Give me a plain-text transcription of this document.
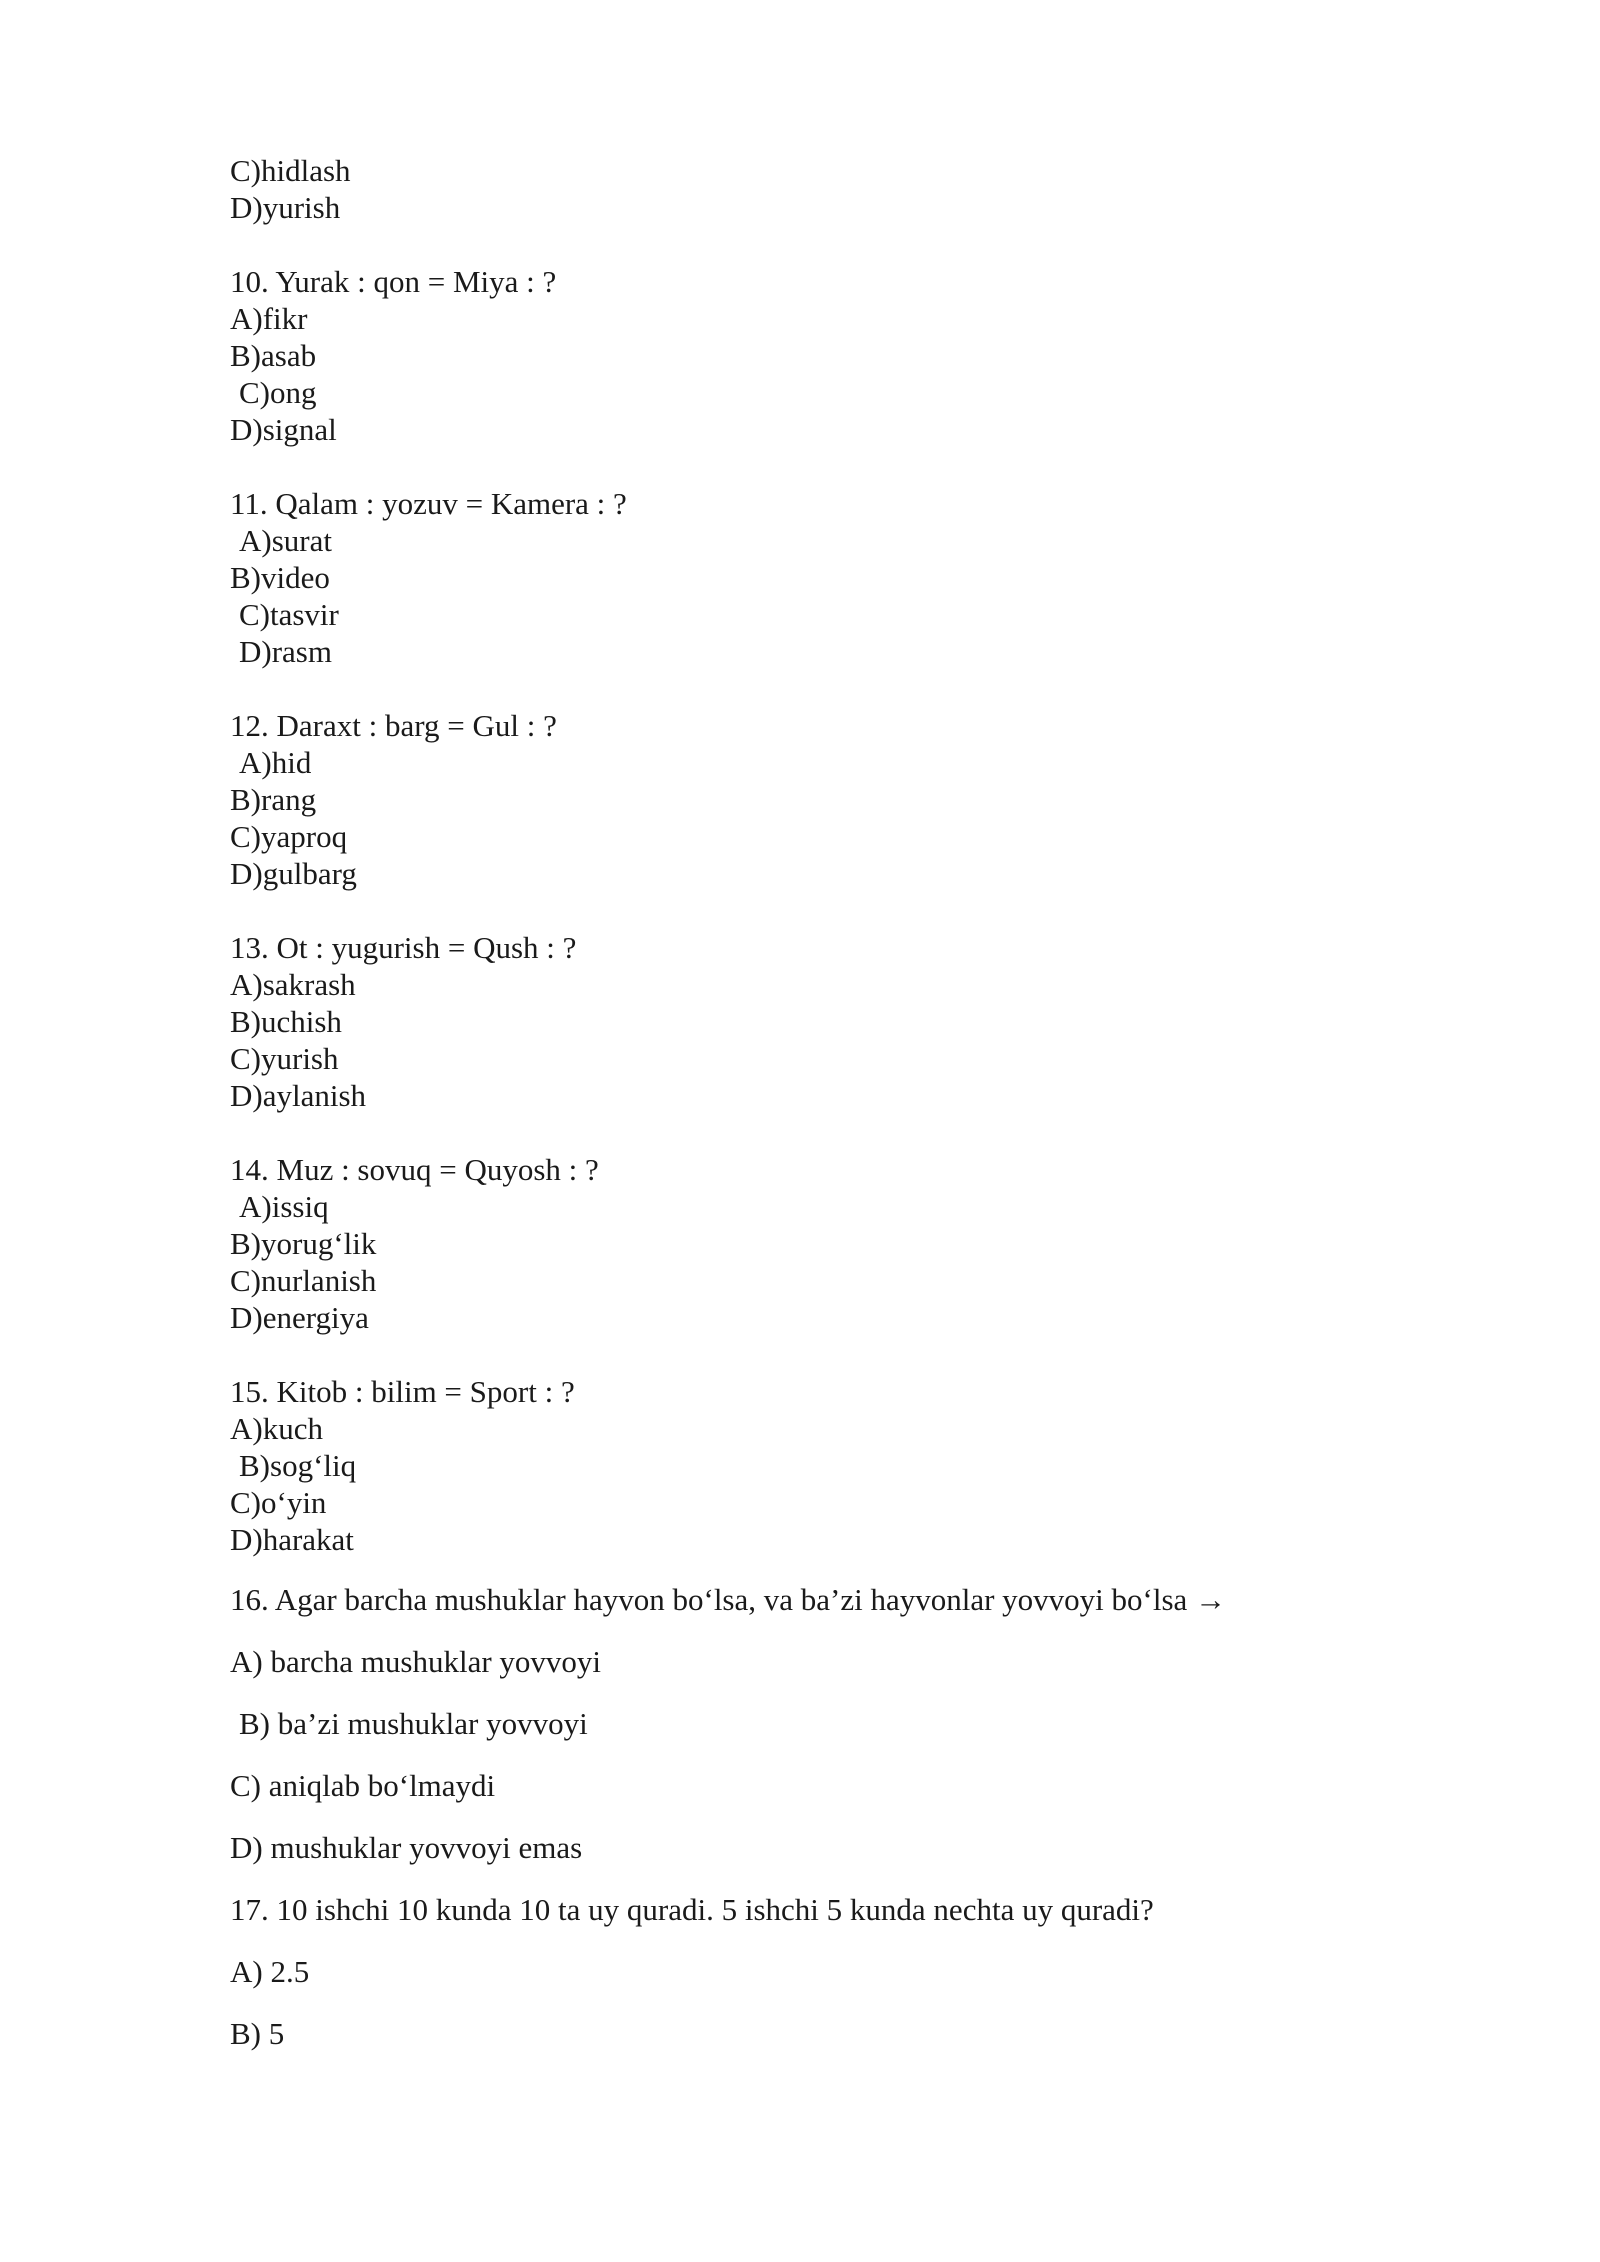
C)hidlash
D)yurish
10. Yurak : qon = Miya : ?
A)fikr
B)asab
C)ong
D)signal
11. Qalam : yozuv = Kamera : ?
A)surat
B)video
C)tasvir
D)rasm
12. Daraxt : barg = Gul : ?
A)hid
B)rang
C)yaproq
D)gulbarg
13. Ot : yugurish = Qush : ?
A)sakrash
B)uchish
C)yurish
D)aylanish
14. Muz : sovuq = Quyosh : ?
A)issiq
B)yorug‘lik
C)nurlanish
D)energiya
15. Kitob : bilim = Sport : ?
A)kuch
B)sog‘liq
C)o‘yin
D)harakat
16. Agar barcha mushuklar hayvon bo‘lsa, va ba’zi hayvonlar yovvoyi bo‘lsa →
A) barcha mushuklar yovvoyi
B) ba’zi mushuklar yovvoyi
C) aniqlab bo‘lmaydi
D) mushuklar yovvoyi emas
17. 10 ishchi 10 kunda 10 ta uy quradi. 5 ishchi 5 kunda nechta uy quradi?
A) 2.5
B) 5
